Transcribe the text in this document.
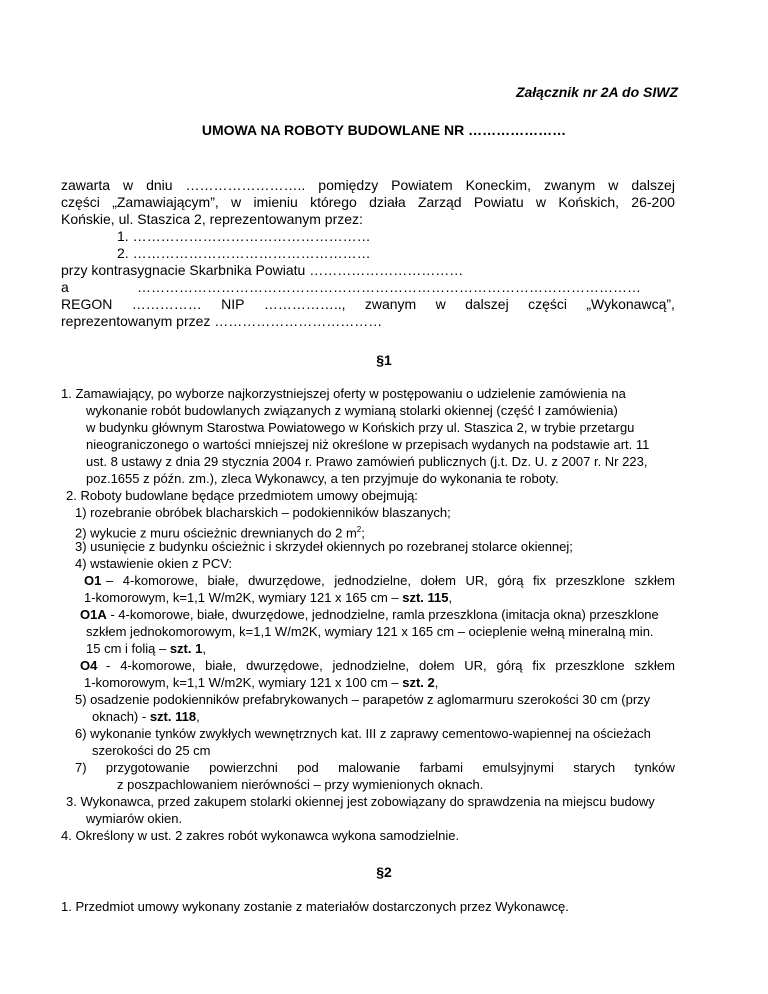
Załącznik nr 2A do SIWZ
UMOWA NA ROBOTY BUDOWLANE NR …………………
zawarta w dniu …………………….. pomiędzy Powiatem Koneckim, zwanym w dalszej
części „Zamawiającym”, w imieniu którego działa Zarząd Powiatu w Końskich, 26-200
Końskie, ul. Staszica 2, reprezentowanym przez:
1. ……………………………………………
2. ……………………………………………
przy kontrasygnacie Skarbnika Powiatu ……………………………
a	………………………………………………………………………………………………
REGON …………… NIP …………….., zwanym w dalszej części „Wykonawcą”,
reprezentowanym przez ………………………………
§1
1. Zamawiający, po wyborze najkorzystniejszej oferty w postępowaniu o udzielenie zamówienia na
wykonanie robót budowlanych związanych z wymianą stolarki okiennej (część I zamówienia)
w budynku głównym Starostwa Powiatowego w Końskich przy ul. Staszica 2, w trybie przetargu
nieograniczonego o wartości mniejszej niż określone w przepisach wydanych na podstawie art. 11
ust. 8 ustawy z dnia 29 stycznia 2004 r. Prawo zamówień publicznych (j.t. Dz. U. z 2007 r. Nr 223,
poz.1655 z późn. zm.), zleca Wykonawcy, a ten przyjmuje do wykonania te roboty.
2. Roboty budowlane będące przedmiotem umowy obejmują:
1) rozebranie obróbek blacharskich – podokienników blaszanych;
2) wykucie z muru ościeżnic drewnianych do 2 $m^2$;
3) usunięcie z budynku ościeżnic i skrzydeł okiennych po rozebranej stolarce okiennej;
4) wstawienie okien z PCV:
O1 – 4-komorowe, białe, dwurzędowe, jednodzielne, dołem UR, górą fix przeszklone szkłem
1-komorowym, k=1,1 W/m2K, wymiary 121 x 165 cm – szt. 115,
O1A - 4-komorowe, białe, dwurzędowe, jednodzielne, ramla przeszklona (imitacja okna) przeszklone
szkłem jednokomorowym, k=1,1 W/m2K, wymiary 121 x 165 cm – ocieplenie wełną mineralną min.
15 cm i folią – szt. 1,
O4 - 4-komorowe, białe, dwurzędowe, jednodzielne, dołem UR, górą fix przeszklone szkłem
1-komorowym, k=1,1 W/m2K, wymiary 121 x 100 cm – szt. 2,
5) osadzenie podokienników prefabrykowanych – parapetów z aglomarmuru szerokości 30 cm (przy
oknach) - szt. 118,
6) wykonanie tynków zwykłych wewnętrznych kat. III z zaprawy cementowo-wapiennej na ościeżach
szerokości do 25 cm
7) przygotowanie powierzchni pod malowanie farbami emulsyjnymi starych tynków
z poszpachlowaniem nierówności – przy wymienionych oknach.
3. Wykonawca, przed zakupem stolarki okiennej jest zobowiązany do sprawdzenia na miejscu budowy
wymiarów okien.
4. Określony w ust. 2 zakres robót wykonawca wykona samodzielnie.
§2
1. Przedmiot umowy wykonany zostanie z materiałów dostarczonych przez Wykonawcę.
